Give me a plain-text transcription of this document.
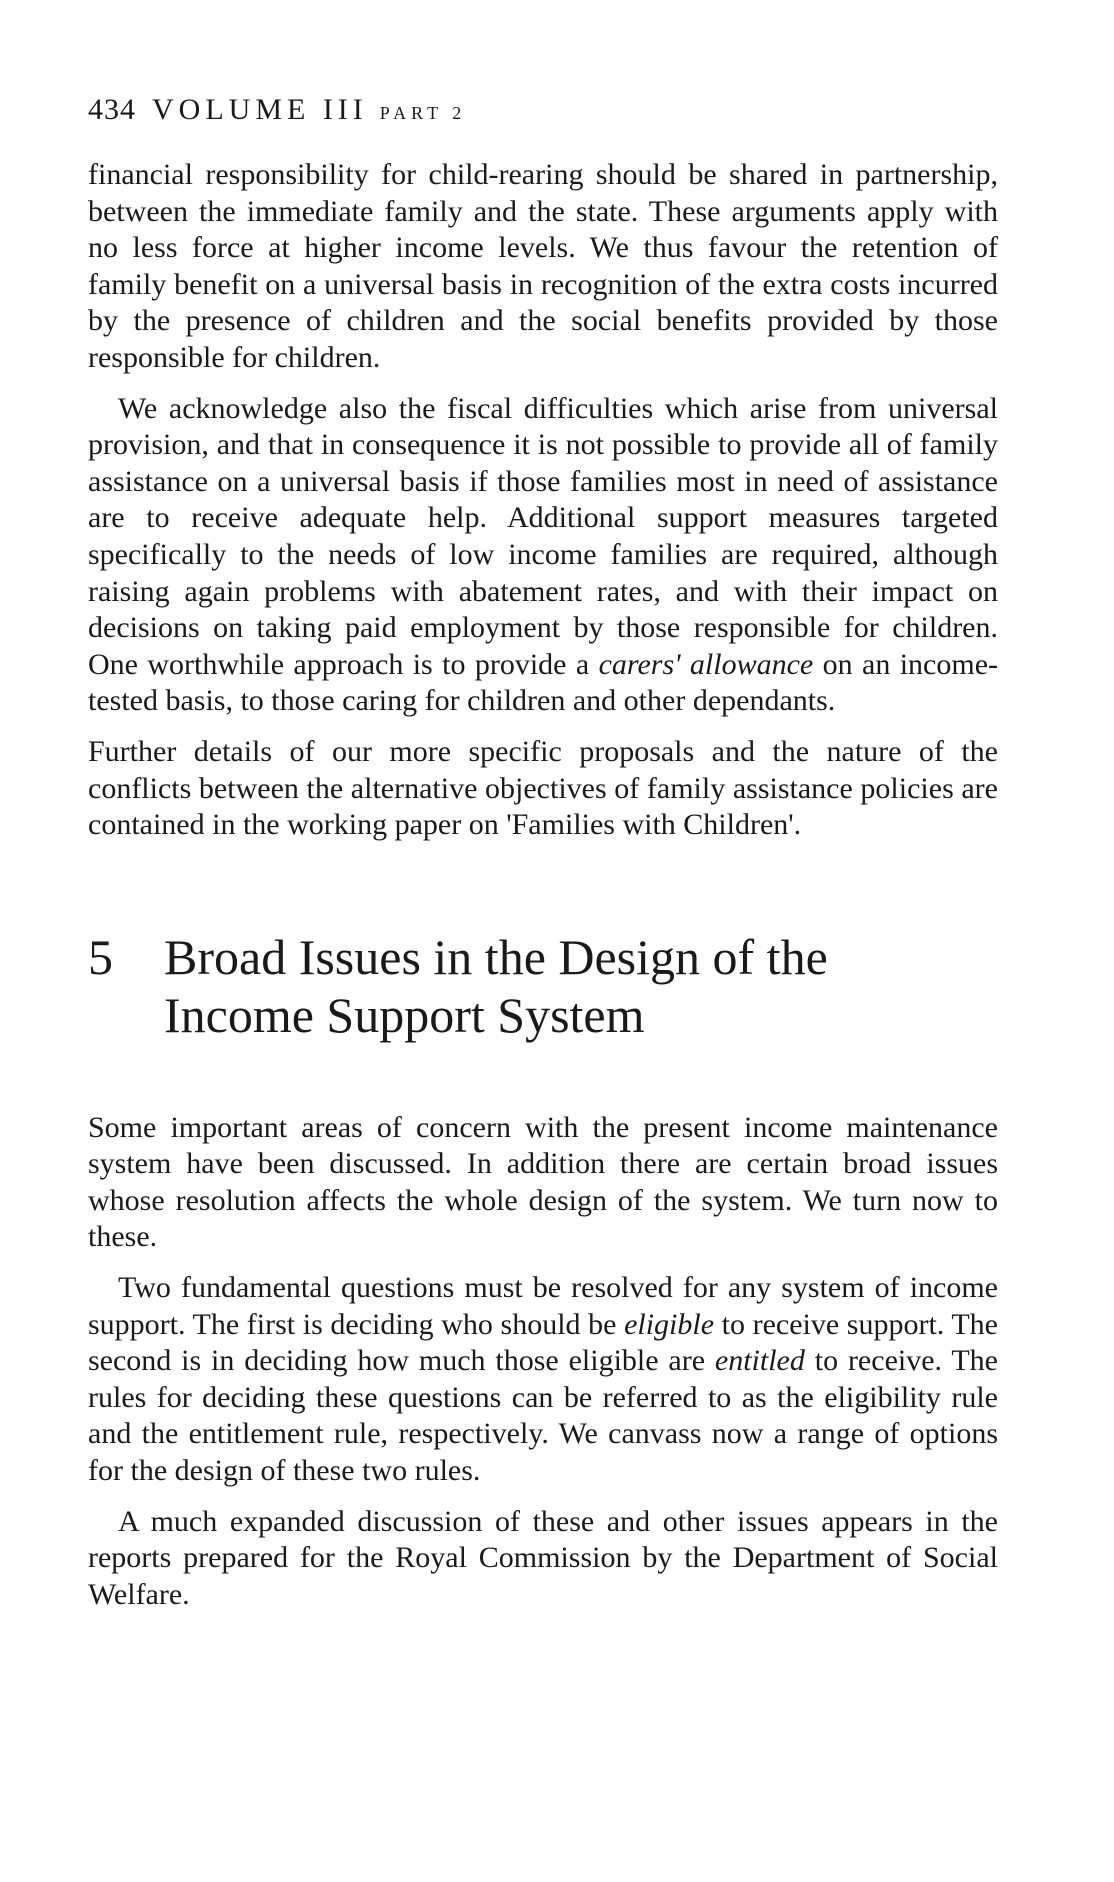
434 VOLUME III PART 2

financial responsibility for child-rearing should be shared in partnership, between the immediate family and the state. These arguments apply with no less force at higher income levels. We thus favour the retention of family benefit on a universal basis in recognition of the extra costs incurred by the presence of children and the social benefits provided by those responsible for children.

We acknowledge also the fiscal difficulties which arise from universal provision, and that in consequence it is not possible to provide all of family assistance on a universal basis if those families most in need of assistance are to receive adequate help. Additional support measures targeted specifically to the needs of low income families are required, although raising again problems with abatement rates, and with their impact on decisions on taking paid employment by those responsible for children. One worthwhile approach is to provide a carers' allowance on an income-tested basis, to those caring for children and other dependants.

Further details of our more specific proposals and the nature of the conflicts between the alternative objectives of family assistance policies are contained in the working paper on 'Families with Children'.

5	Broad Issues in the Design of the Income Support System

Some important areas of concern with the present income maintenance system have been discussed. In addition there are certain broad issues whose resolution affects the whole design of the system. We turn now to these.

Two fundamental questions must be resolved for any system of income support. The first is deciding who should be eligible to receive support. The second is in deciding how much those eligible are entitled to receive. The rules for deciding these questions can be referred to as the eligibility rule and the entitlement rule, respectively. We canvass now a range of options for the design of these two rules.

A much expanded discussion of these and other issues appears in the reports prepared for the Royal Commission by the Department of Social Welfare.
